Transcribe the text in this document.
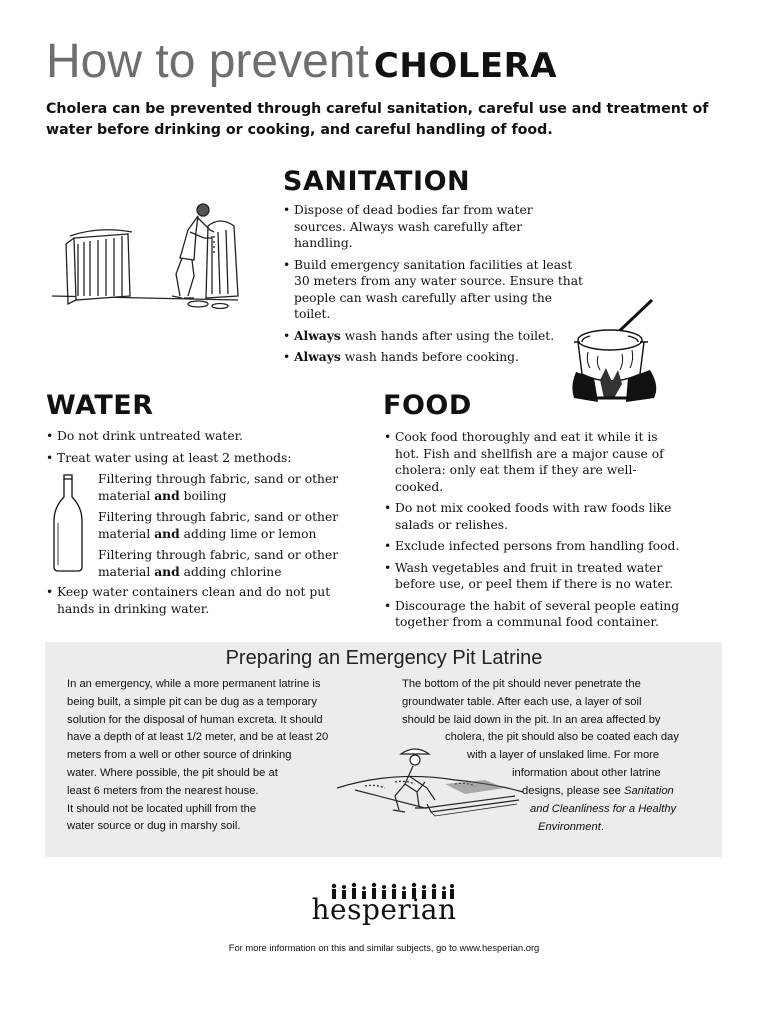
How to prevent CHOLERA
Cholera can be prevented through careful sanitation, careful use and treatment of water before drinking or cooking, and careful handling of food.
SANITATION
• Dispose of dead bodies far from water sources. Always wash carefully after handling.
• Build emergency sanitation facilities at least 30 meters from any water source. Ensure that people can wash carefully after using the toilet.
• Always wash hands after using the toilet.
• Always wash hands before cooking.
WATER
• Do not drink untreated water.
• Treat water using at least 2 methods:
Filtering through fabric, sand or other material and boiling
Filtering through fabric, sand or other material and adding lime or lemon
Filtering through fabric, sand or other material and adding chlorine
• Keep water containers clean and do not put hands in drinking water.
FOOD
• Cook food thoroughly and eat it while it is hot. Fish and shellfish are a major cause of cholera: only eat them if they are well-cooked.
• Do not mix cooked foods with raw foods like salads or relishes.
• Exclude infected persons from handling food.
• Wash vegetables and fruit in treated water before use, or peel them if there is no water.
• Discourage the habit of several people eating together from a communal food container.
Preparing an Emergency Pit Latrine
In an emergency, while a more permanent latrine is
being built, a simple pit can be dug as a temporary
solution for the disposal of human excreta. It should
have a depth of at least 1/2 meter, and be at least 20
meters from a well or other source of drinking
water. Where possible, the pit should be at
least 6 meters from the nearest house.
It should not be located uphill from the
water source or dug in marshy soil.
The bottom of the pit should never penetrate the
groundwater table. After each use, a layer of soil
should be laid down in the pit. In an area affected by
cholera, the pit should also be coated each day
with a layer of unslaked lime. For more
information about other latrine
designs, please see Sanitation
and Cleanliness for a Healthy
Environment.
hesperian
For more information on this and similar subjects, go to www.hesperian.org
